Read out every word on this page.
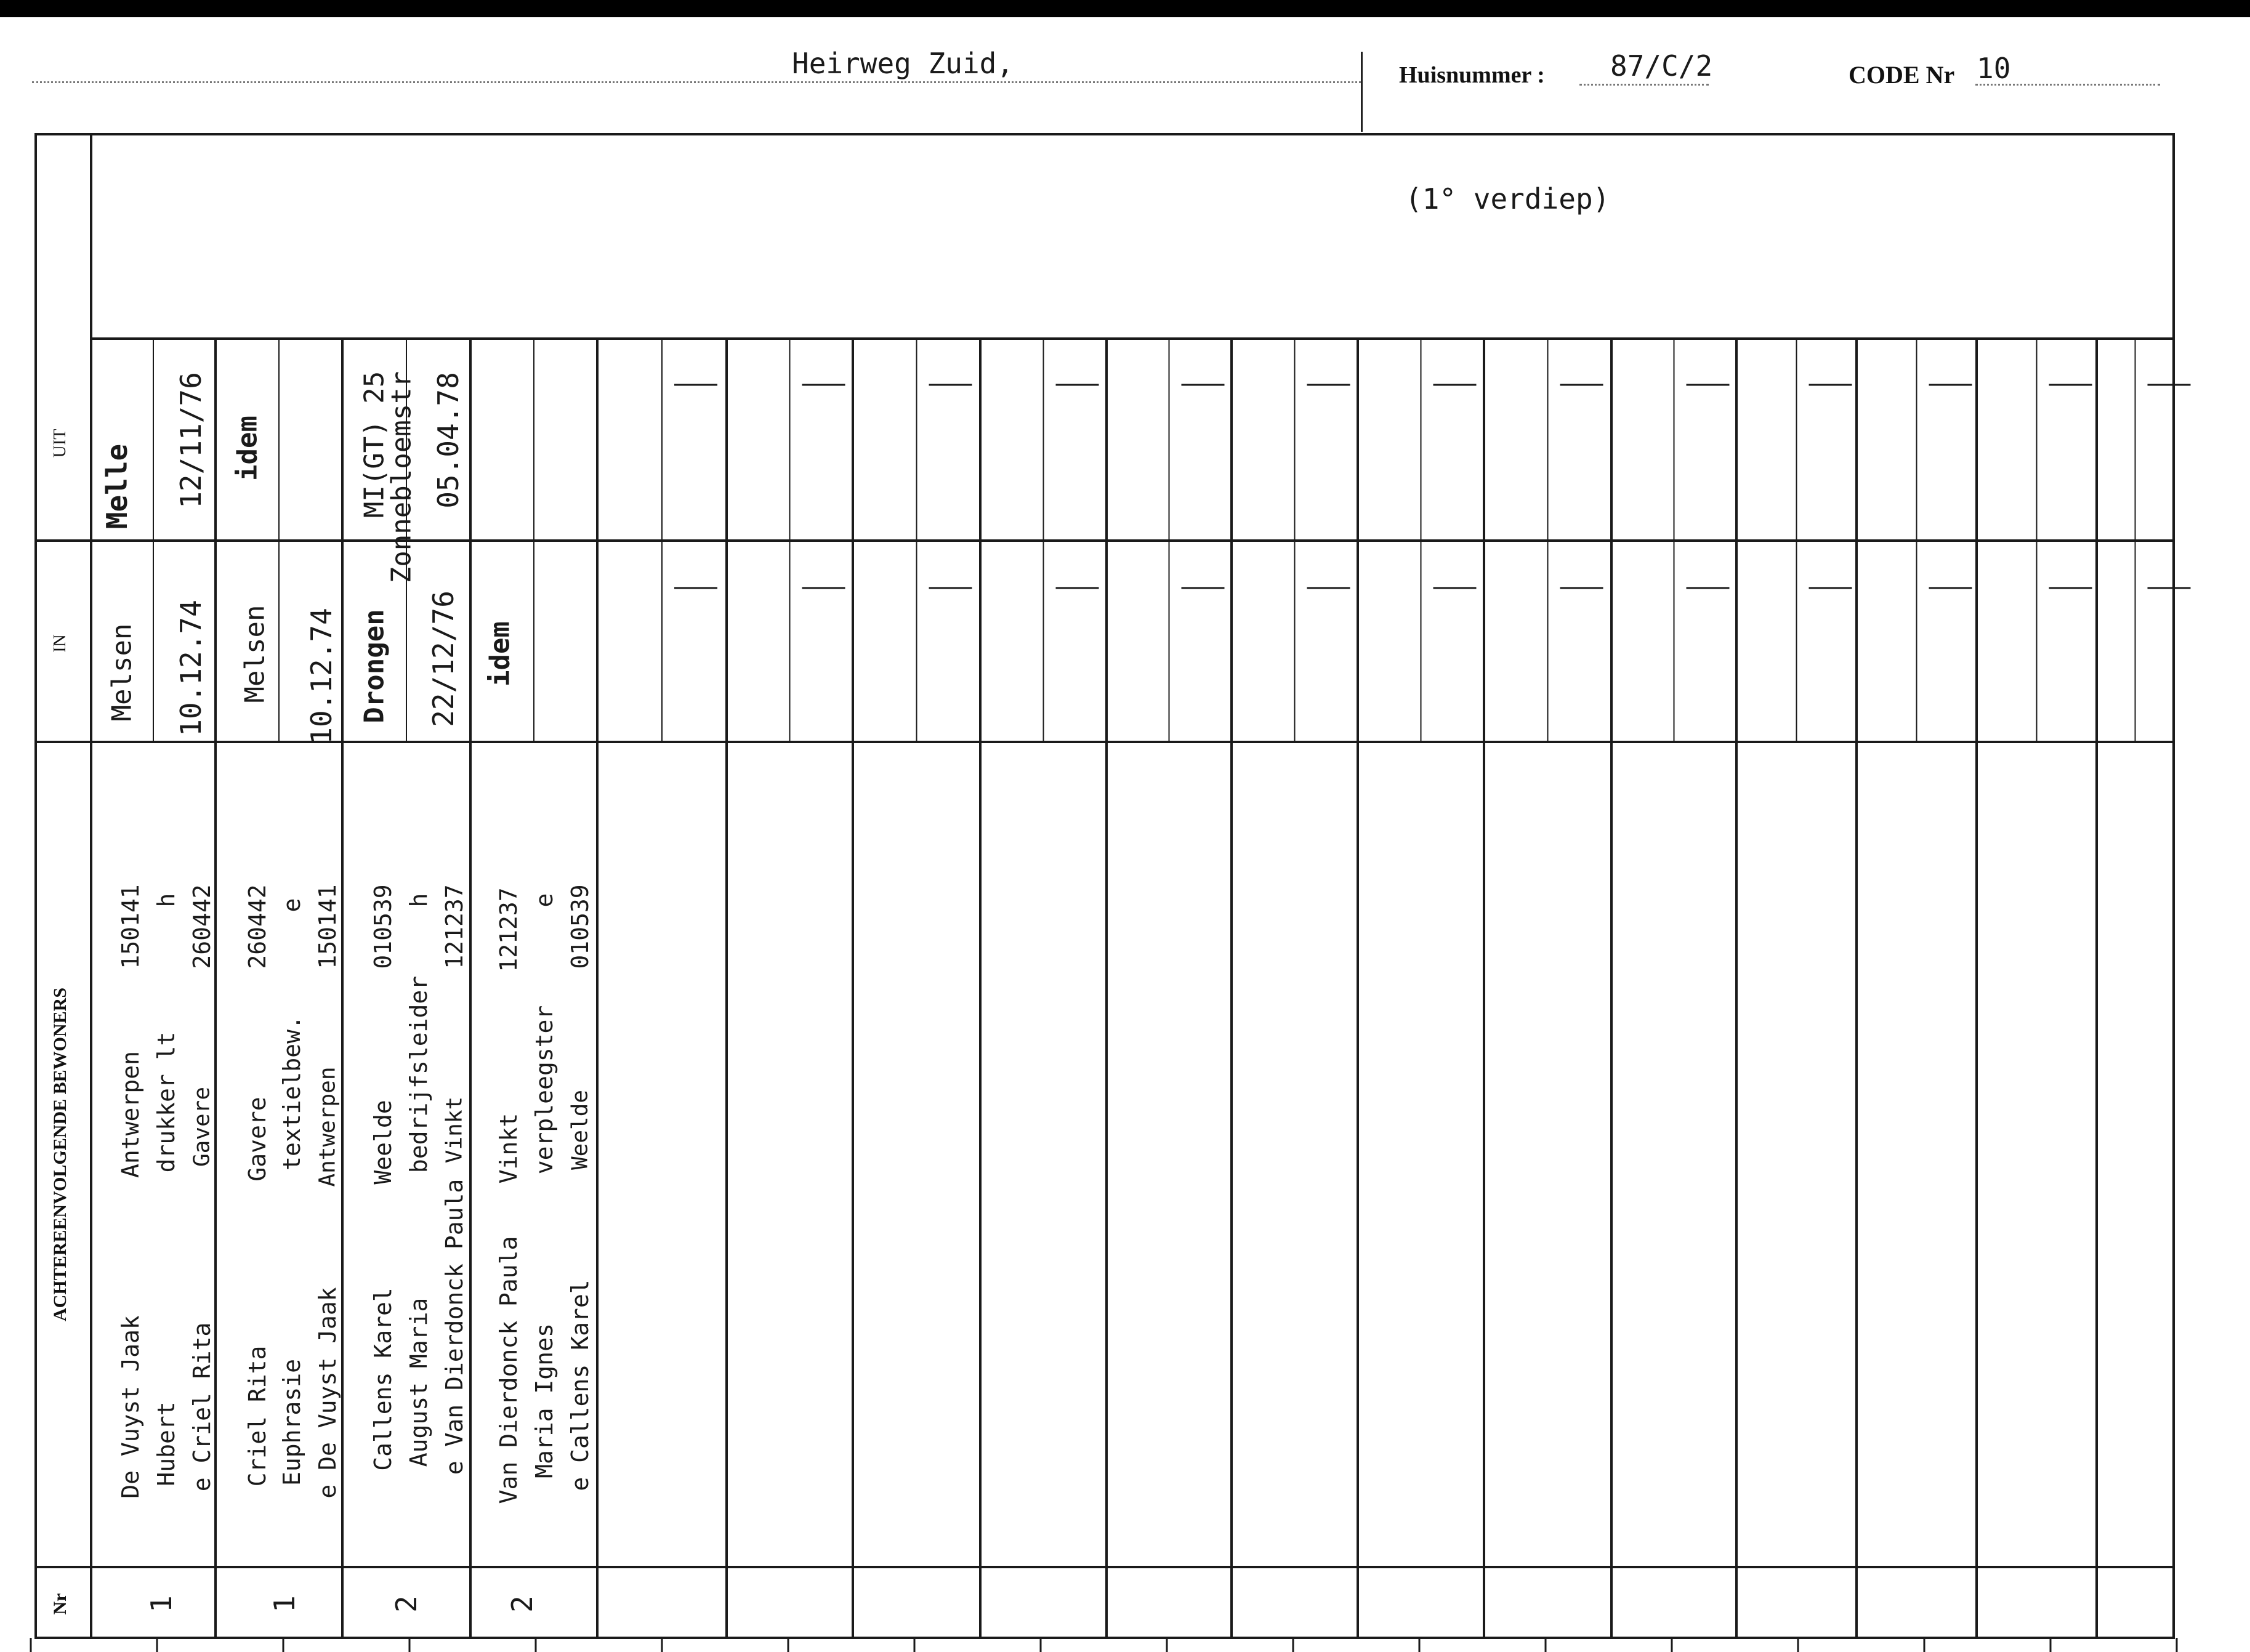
Heirweg Zuid,	Huisnummer : 87/C/2	CODE Nr 10
(1° verdiep)
UIT
IN
ACHTEREENVOLGENDE BEWONERS
Nr
Melle 12/11/76
Melsen 10.12.74
De Vuyst Jaak Hubert e Criel Rita
Antwerpen drukker lt Gavere
150141 h 260442
1
idem
Melsen 10.12.74
Criel Rita Euphrasie e De Vuyst Jaak
Gavere textielbew. Antwerpen
260442 e 150141
1
MI(GT) 25
Zonnebloemstr 05.04.78
Drongen 22/12/76
Callens Karel August Maria e Van Dierdonck Paula
Weelde bedrijfsleider Vinkt
010539 h 121237
2
idem
Van Dierdonck Paula Maria Ignes e Callens Karel
Vinkt verpleegster Weelde
121237 e 010539
2
